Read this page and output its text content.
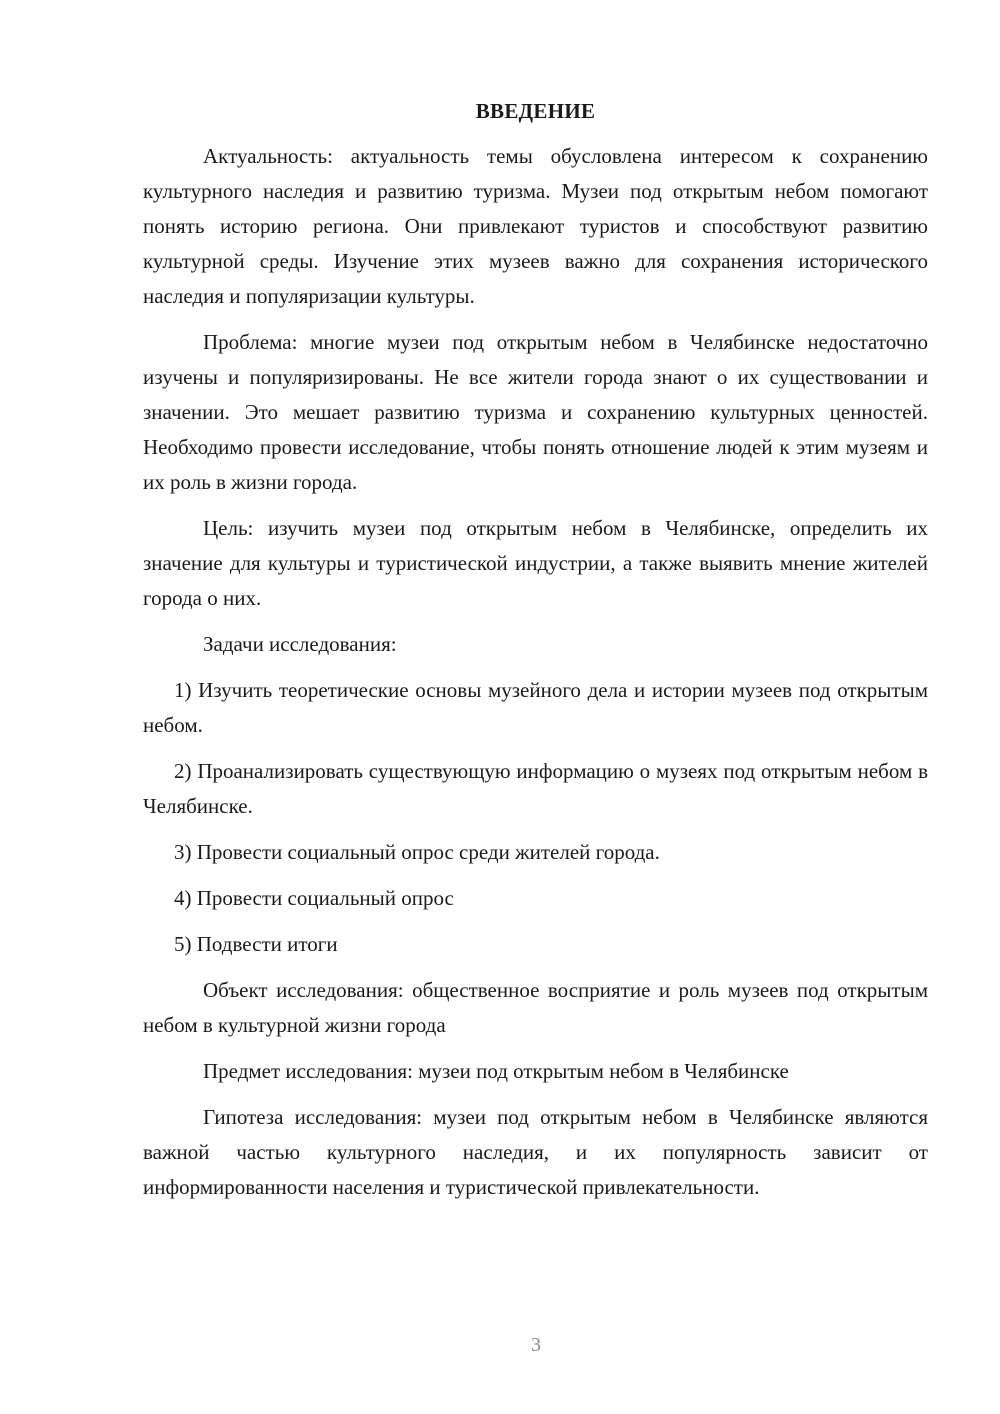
ВВЕДЕНИЕ

Актуальность: актуальность темы обусловлена интересом к сохранению культурного наследия и развитию туризма. Музеи под открытым небом помогают понять историю региона. Они привлекают туристов и способствуют развитию культурной среды. Изучение этих музеев важно для сохранения исторического наследия и популяризации культуры.

Проблема: многие музеи под открытым небом в Челябинске недостаточно изучены и популяризированы. Не все жители города знают о их существовании и значении. Это мешает развитию туризма и сохранению культурных ценностей. Необходимо провести исследование, чтобы понять отношение людей к этим музеям и их роль в жизни города.

Цель: изучить музеи под открытым небом в Челябинске, определить их значение для культуры и туристической индустрии, а также выявить мнение жителей города о них.

Задачи исследования:

1) Изучить теоретические основы музейного дела и истории музеев под открытым небом.

2) Проанализировать существующую информацию о музеях под открытым небом в Челябинске.

3) Провести социальный опрос среди жителей города.

4) Провести социальный опрос

5) Подвести итоги

Объект исследования: общественное восприятие и роль музеев под открытым небом в культурной жизни города

Предмет исследования: музеи под открытым небом в Челябинске

Гипотеза исследования: музеи под открытым небом в Челябинске являются важной частью культурного наследия, и их популярность зависит от информированности населения и туристической привлекательности.

3
